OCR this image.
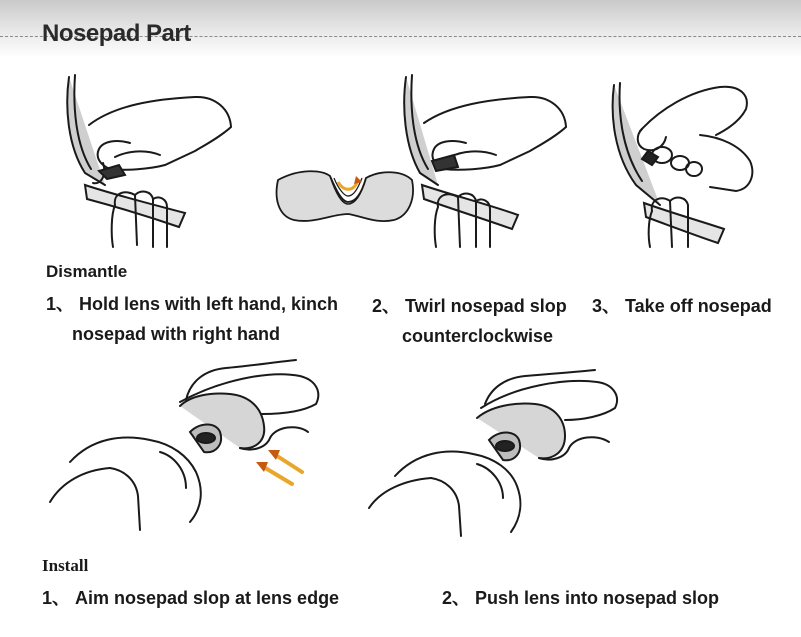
Nosepad Part
Dismantle
1、 Hold lens with left hand, kinch
nosepad with right hand
2、 Twirl nosepad slop
counterclockwise
3、 Take off nosepad
Install
1、 Aim nosepad slop at lens edge	2、 Push lens into nosepad slop
